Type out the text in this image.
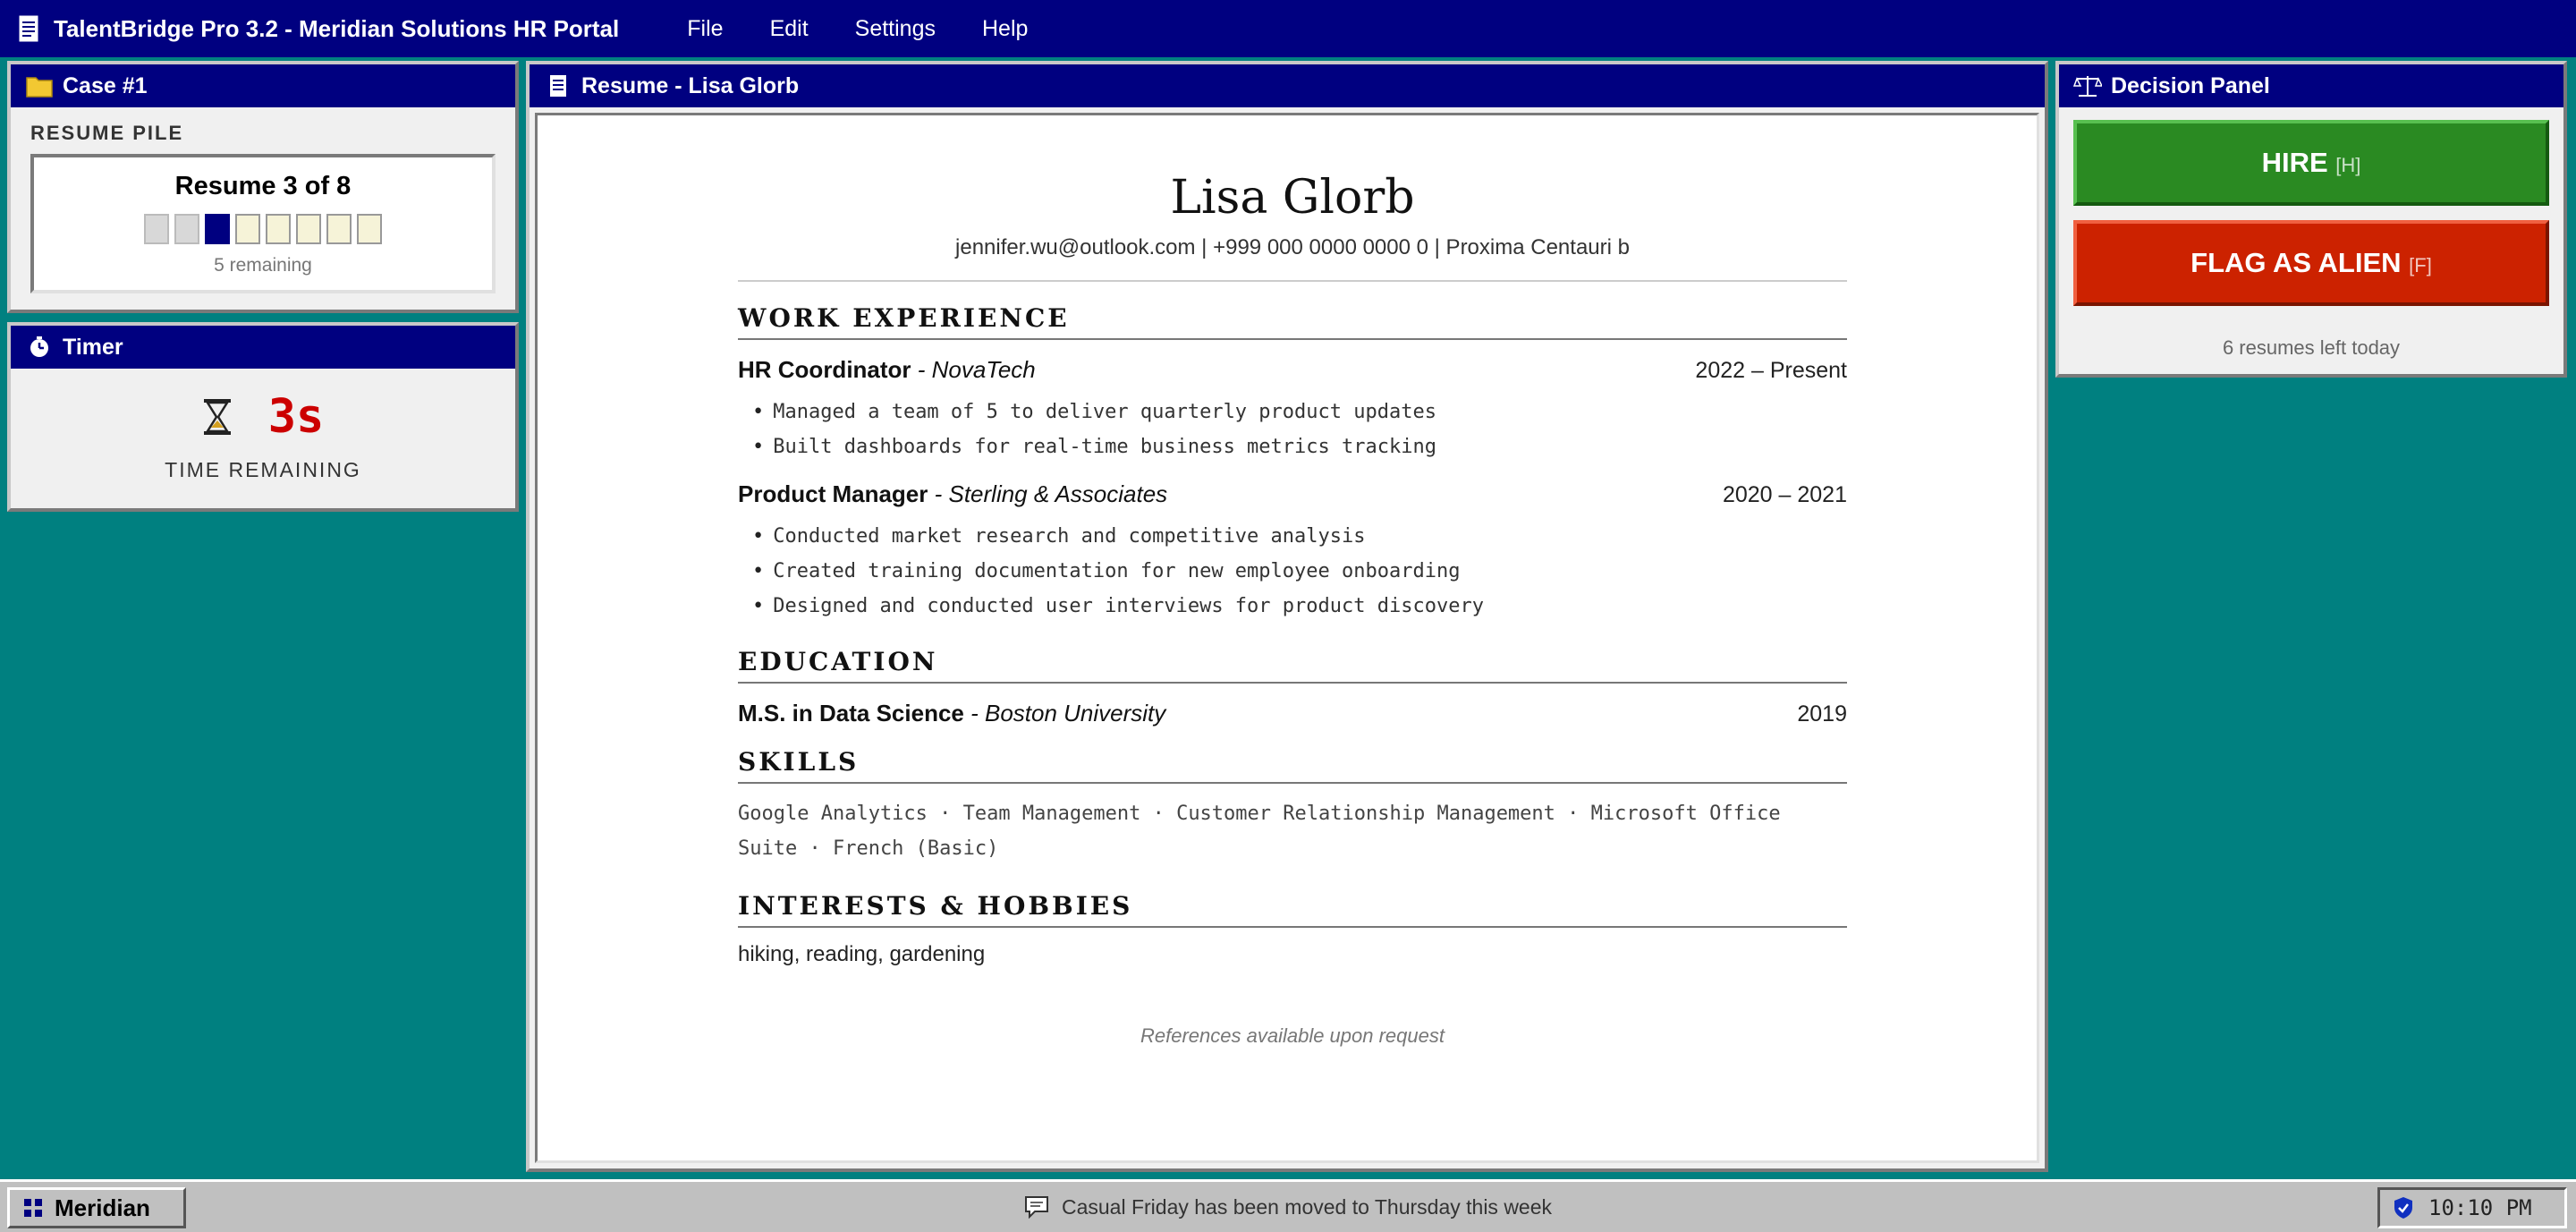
TalentBridge Pro 3.2 - Meridian Solutions HR Portal	File	Edit	Settings	Help
Case #1
RESUME PILE
Resume 3 of 8
5 remaining
Timer
3s
TIME REMAINING
Resume - Lisa Glorb
Lisa Glorb
jennifer.wu@outlook.com | +999 000 0000 0000 0 | Proxima Centauri b
WORK EXPERIENCE
HR Coordinator - NovaTech	2022 – Present
• Managed a team of 5 to deliver quarterly product updates
• Built dashboards for real-time business metrics tracking
Product Manager - Sterling & Associates	2020 – 2021
• Conducted market research and competitive analysis
• Created training documentation for new employee onboarding
• Designed and conducted user interviews for product discovery
EDUCATION
M.S. in Data Science - Boston University	2019
SKILLS
Google Analytics · Team Management · Customer Relationship Management · Microsoft Office Suite · French (Basic)
INTERESTS & HOBBIES
hiking, reading, gardening
References available upon request
Decision Panel
HIRE [H]
FLAG AS ALIEN [F]
6 resumes left today
Casual Friday has been moved to Thursday this week
Meridian	10:10 PM
